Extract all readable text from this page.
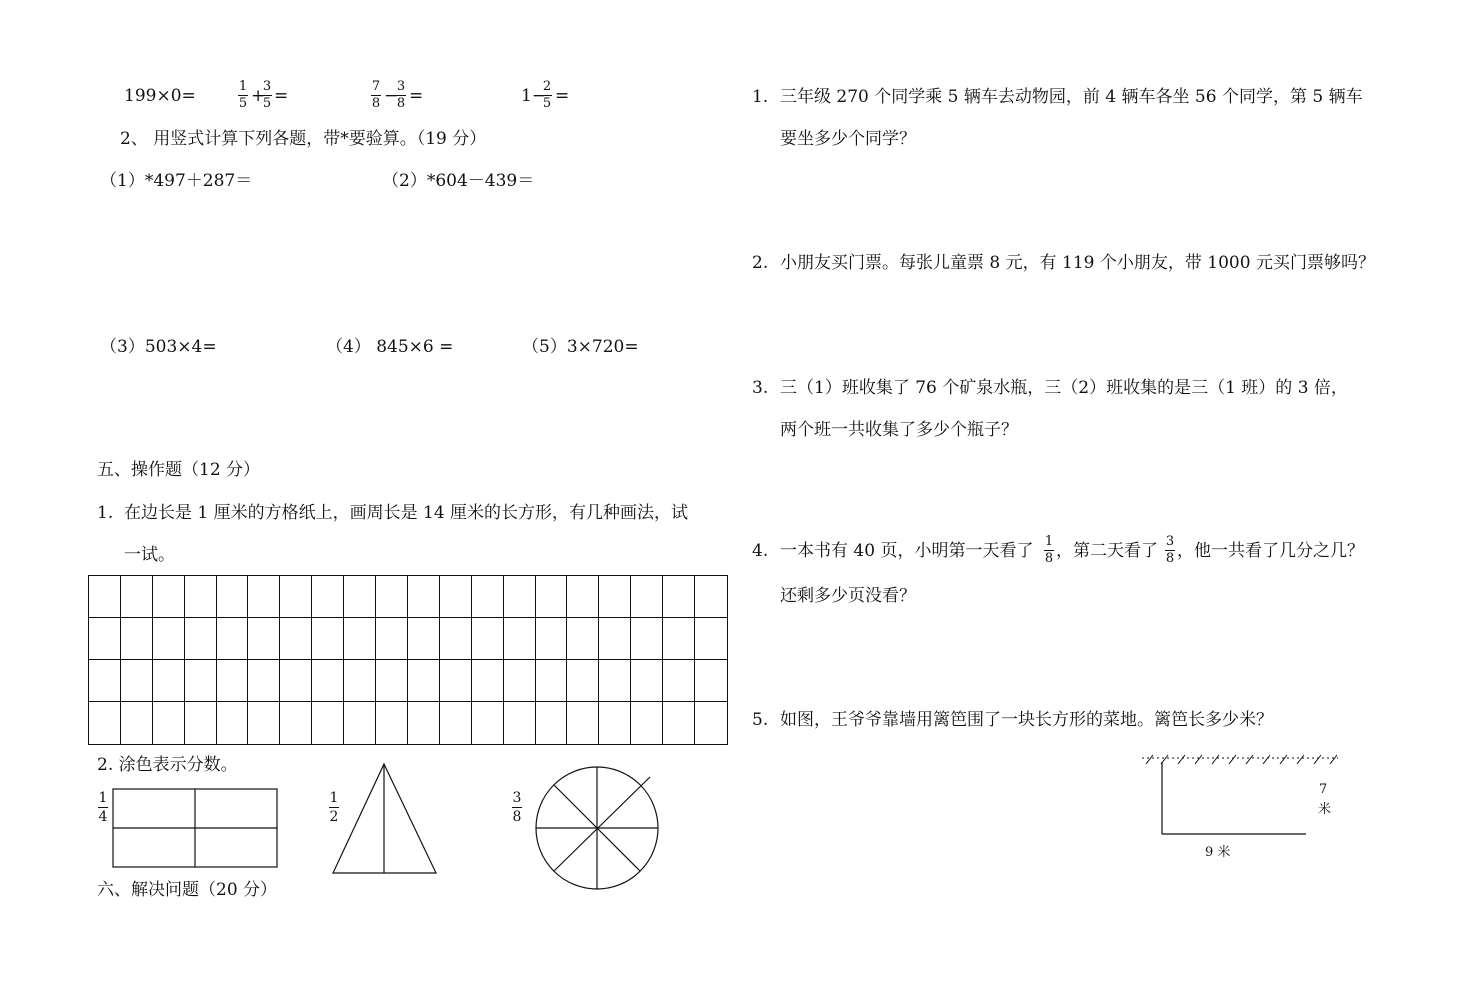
199×0=	1
5 +
3
5 =	7
8 −
3
8 =	1−
2
5 =
2、 用竖式计算下列各题，带*要验算。（19 分）
（1）*497＋287＝	（2）*604－439＝
（3）503×4=	（4） 845×6 =	（5）3×720=
五、操作题（12 分）
1. 在边长是 1 厘米的方格纸上，画周长是 14 厘米的长方形，有几种画法，试
一试。
2. 涂色表示分数。
1
4
1
2
3
8
六、解决问题（20 分）
1. 三年级 270 个同学乘 5 辆车去动物园，前 4 辆车各坐 56 个同学，第 5 辆车
要坐多少个同学？
2. 小朋友买门票。每张儿童票 8 元，有 119 个小朋友，带 1000 元买门票够吗？
3. 三（1）班收集了 76 个矿泉水瓶，三（2）班收集的是三（1 班）的 3 倍，
两个班一共收集了多少个瓶子？
4. 一本书有 40 页，小明第一天看了 1
8 ，第二天看了 3
8 ，他一共看了几分之几？
还剩多少页没看？
5. 如图，王爷爷靠墙用篱笆围了一块长方形的菜地。篱笆长多少米？
7
米
9 米
